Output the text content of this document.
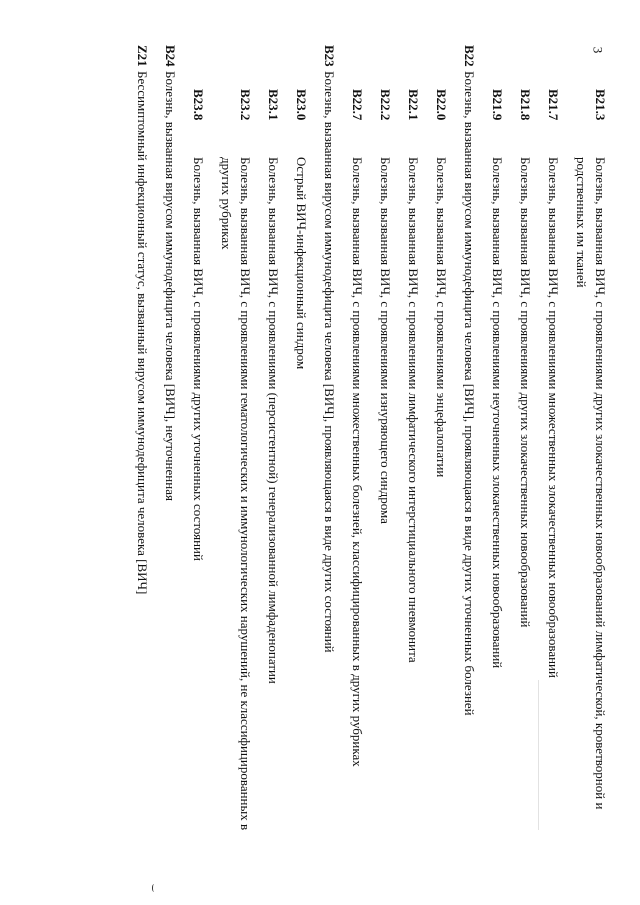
3
B21.3
Болезнь, вызванная ВИЧ, с проявлениями других злокачественных новообразований лимфатической, кроветворной и родственных им тканей
B21.7
Болезнь, вызванная ВИЧ, с проявлениями множественных злокачественных новообразований
B21.8
Болезнь, вызванная ВИЧ, с проявлениями других злокачественных новообразований
B21.9
Болезнь, вызванная ВИЧ, с проявлениями неуточненных злокачественных новообразований
B22
Болезнь, вызванная вирусом иммунодефицита человека [ВИЧ], проявляющаяся в виде других уточненных болезней
B22.0
Болезнь, вызванная ВИЧ, с проявлениями энцефалопатии
B22.1
Болезнь, вызванная ВИЧ, с проявлениями лимфатического интерстициального пневмонита
B22.2
Болезнь, вызванная ВИЧ, с проявлениями изнуряющего синдрома
B22.7
Болезнь, вызванная ВИЧ, с проявлениями множественных болезней, классифицированных в других рубриках
B23
Болезнь, вызванная вирусом иммунодефицита человека [ВИЧ], проявляющаяся в виде других состояний
B23.0
Острый ВИЧ-инфекционный синдром
B23.1
Болезнь, вызванная ВИЧ, с проявлениями (персистентной) генерализованной лимфаденопатии
B23.2
Болезнь, вызванная ВИЧ, с проявлениями гематологических и иммунологических нарушений, не классифицированных в других рубриках
B23.8
Болезнь, вызванная ВИЧ, с проявлениями других уточненных состояний
B24
Болезнь, вызванная вирусом иммунодефицита человека [ВИЧ], неуточненная
Z21
Бессимптомный инфекционный статус, вызванный вирусом иммунодефицита человека [ВИЧ]
